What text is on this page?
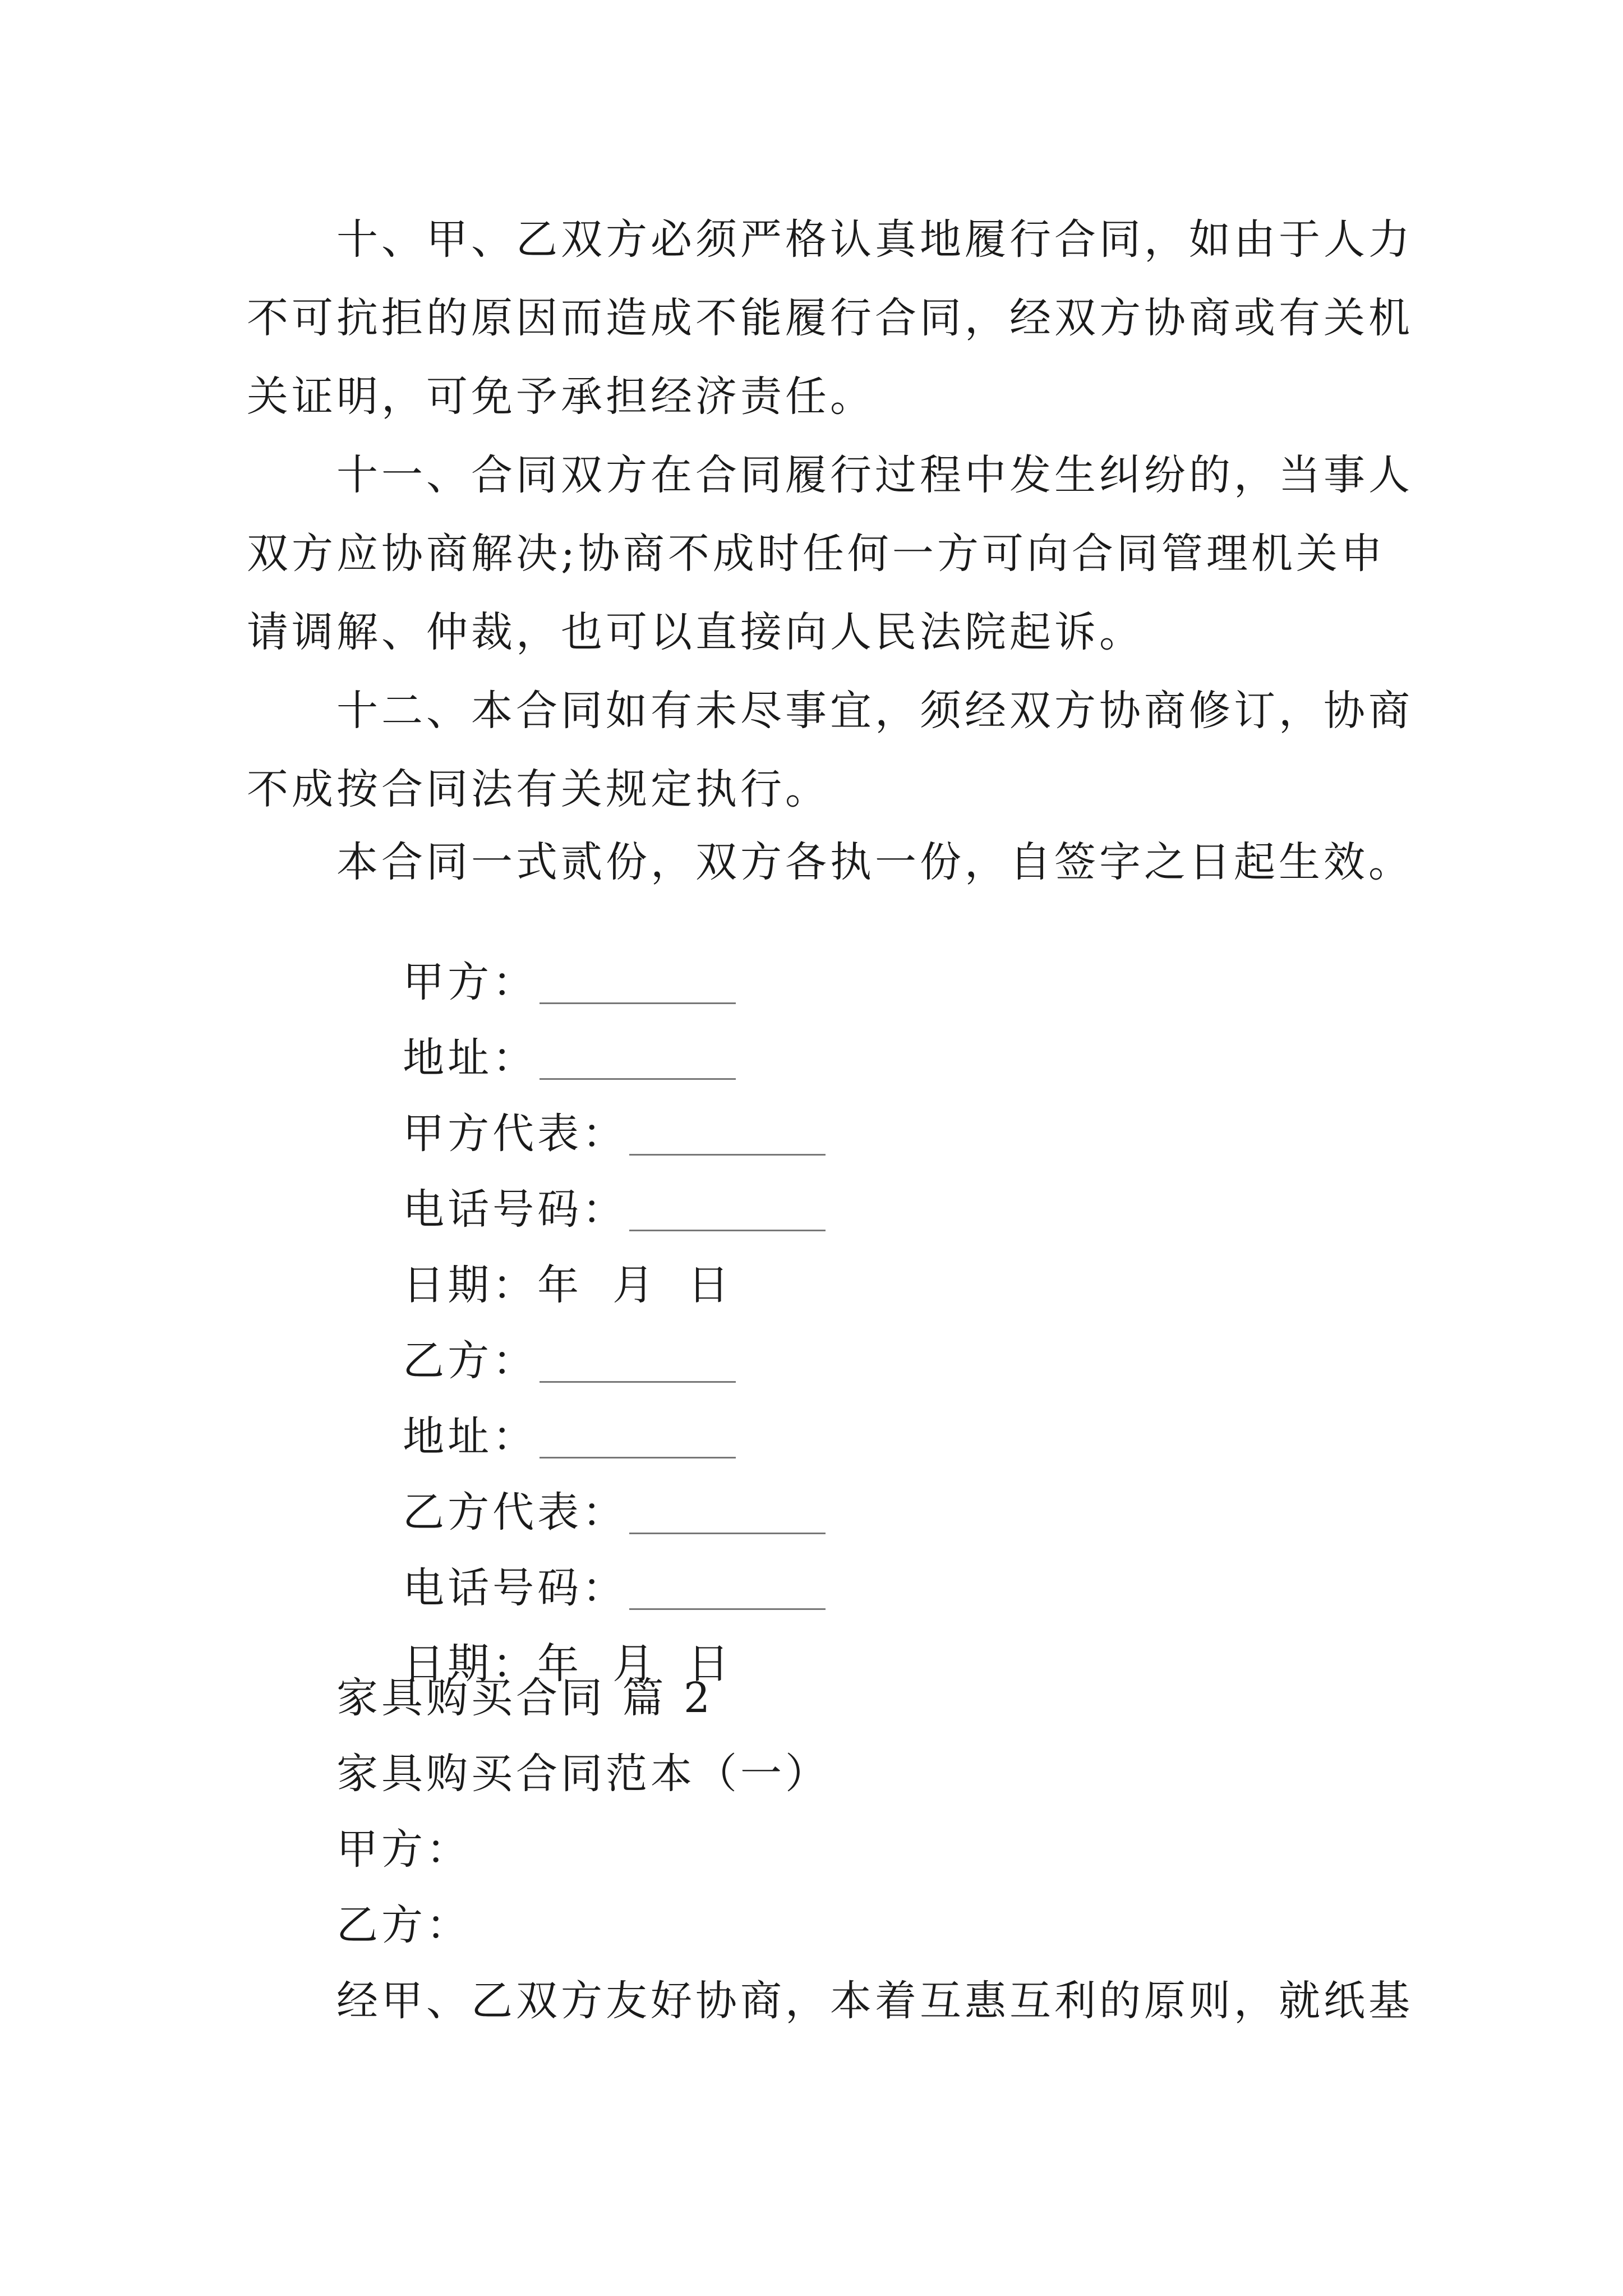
十、甲、乙双方必须严格认真地履行合同，如由于人力
不可抗拒的原因而造成不能履行合同，经双方协商或有关机
关证明，可免予承担经济责任。
十一、合同双方在合同履行过程中发生纠纷的，当事人
双方应协商解决;协商不成时任何一方可向合同管理机关申
请调解、仲裁，也可以直接向人民法院起诉。
十二、本合同如有未尽事宜，须经双方协商修订，协商
不成按合同法有关规定执行。
本合同一式贰份，双方各执一份，自签字之日起生效。

甲方：

地址：

甲方代表：

电话号码：

日期：年 月 日

乙方：

地址：

乙方代表：

电话号码：

日期：年 月 日

家具购买合同 篇 2
家具购买合同范本（一）
甲方：
乙方：
经甲、乙双方友好协商，本着互惠互利的原则，就纸基
